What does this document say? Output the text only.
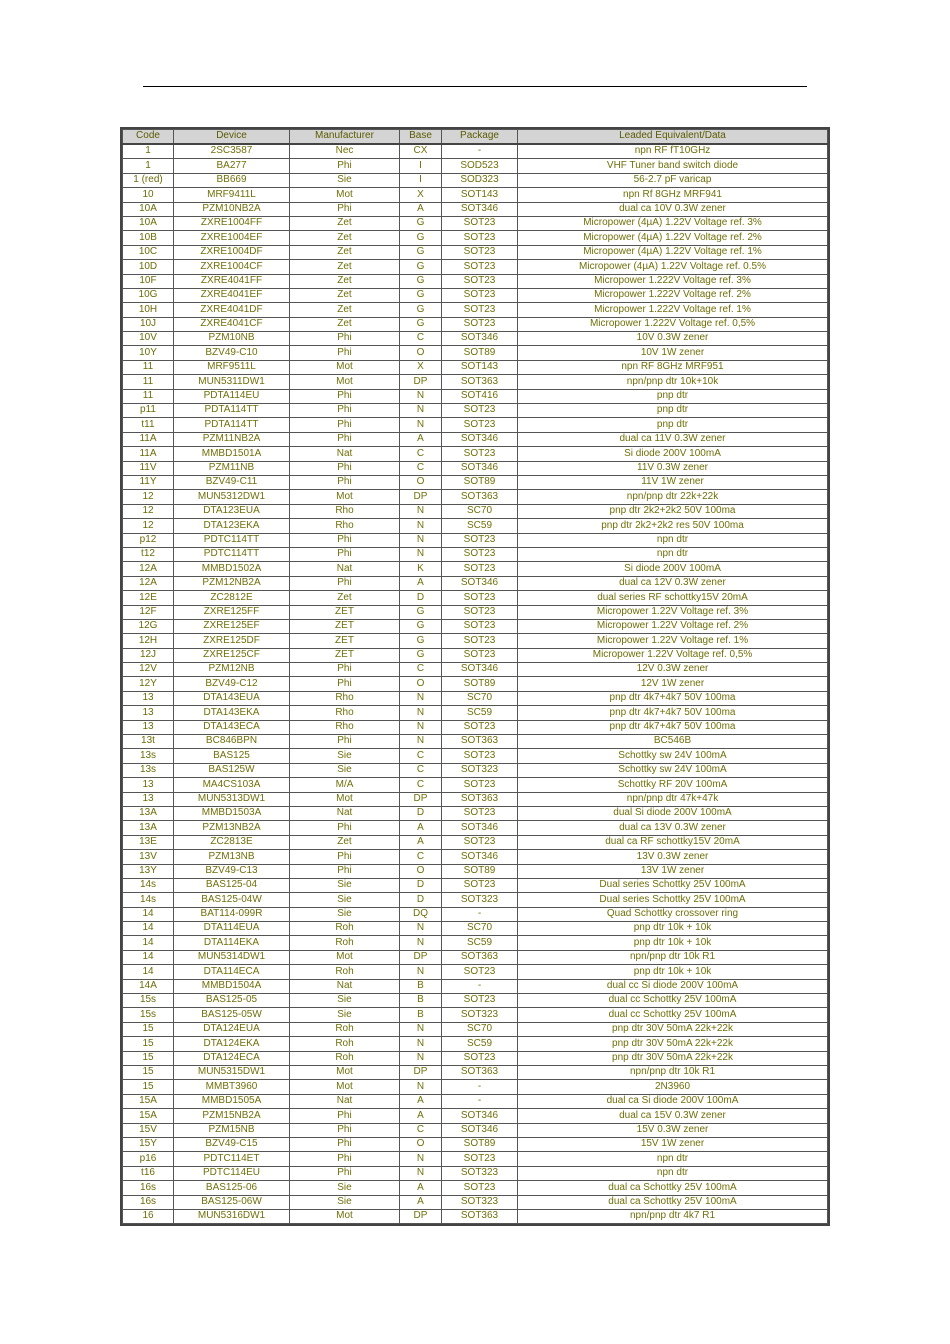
Code	Device	Manufacturer	Base	Package	Leaded Equivalent/Data
1	2SC3587	Nec	CX	-	npn RF fT10GHz
1	BA277	Phi	I	SOD523	VHF Tuner band switch diode
1 (red)	BB669	Sie	I	SOD323	56-2.7 pF varicap
10	MRF9411L	Mot	X	SOT143	npn Rf 8GHz MRF941
10A	PZM10NB2A	Phi	A	SOT346	dual ca 10V 0.3W zener
10A	ZXRE1004FF	Zet	G	SOT23	Micropower (4µA) 1.22V Voltage ref. 3%
10B	ZXRE1004EF	Zet	G	SOT23	Micropower (4µA) 1.22V Voltage ref. 2%
10C	ZXRE1004DF	Zet	G	SOT23	Micropower (4µA) 1.22V Voltage ref. 1%
10D	ZXRE1004CF	Zet	G	SOT23	Micropower (4µA) 1.22V Voltage ref. 0.5%
10F	ZXRE4041FF	Zet	G	SOT23	Micropower 1.222V Voltage ref. 3%
10G	ZXRE4041EF	Zet	G	SOT23	Micropower 1.222V Voltage ref. 2%
10H	ZXRE4041DF	Zet	G	SOT23	Micropower 1.222V Voltage ref. 1%
10J	ZXRE4041CF	Zet	G	SOT23	Micropower 1.222V Voltage ref. 0,5%
10V	PZM10NB	Phi	C	SOT346	10V 0.3W zener
10Y	BZV49-C10	Phi	O	SOT89	10V 1W zener
11	MRF9511L	Mot	X	SOT143	npn RF 8GHz MRF951
11	MUN5311DW1	Mot	DP	SOT363	npn/pnp dtr 10k+10k
11	PDTA114EU	Phi	N	SOT416	pnp dtr
p11	PDTA114TT	Phi	N	SOT23	pnp dtr
t11	PDTA114TT	Phi	N	SOT23	pnp dtr
11A	PZM11NB2A	Phi	A	SOT346	dual ca 11V 0.3W zener
11A	MMBD1501A	Nat	C	SOT23	Si diode 200V 100mA
11V	PZM11NB	Phi	C	SOT346	11V 0.3W zener
11Y	BZV49-C11	Phi	O	SOT89	11V 1W zener
12	MUN5312DW1	Mot	DP	SOT363	npn/pnp dtr 22k+22k
12	DTA123EUA	Rho	N	SC70	pnp dtr 2k2+2k2 50V 100ma
12	DTA123EKA	Rho	N	SC59	pnp dtr 2k2+2k2 res 50V 100ma
p12	PDTC114TT	Phi	N	SOT23	npn dtr
t12	PDTC114TT	Phi	N	SOT23	npn dtr
12A	MMBD1502A	Nat	K	SOT23	Si diode 200V 100mA
12A	PZM12NB2A	Phi	A	SOT346	dual ca 12V 0.3W zener
12E	ZC2812E	Zet	D	SOT23	dual series RF schottky15V 20mA
12F	ZXRE125FF	ZET	G	SOT23	Micropower 1.22V Voltage ref. 3%
12G	ZXRE125EF	ZET	G	SOT23	Micropower 1.22V Voltage ref. 2%
12H	ZXRE125DF	ZET	G	SOT23	Micropower 1.22V Voltage ref. 1%
12J	ZXRE125CF	ZET	G	SOT23	Micropower 1.22V Voltage ref. 0,5%
12V	PZM12NB	Phi	C	SOT346	12V 0.3W zener
12Y	BZV49-C12	Phi	O	SOT89	12V 1W zener
13	DTA143EUA	Rho	N	SC70	pnp dtr 4k7+4k7 50V 100ma
13	DTA143EKA	Rho	N	SC59	pnp dtr 4k7+4k7 50V 100ma
13	DTA143ECA	Rho	N	SOT23	pnp dtr 4k7+4k7 50V 100ma
13t	BC846BPN	Phi	N	SOT363	BC546B
13s	BAS125	Sie	C	SOT23	Schottky sw 24V 100mA
13s	BAS125W	Sie	C	SOT323	Schottky sw 24V 100mA
13	MA4CS103A	M/A	C	SOT23	Schottky RF 20V 100mA
13	MUN5313DW1	Mot	DP	SOT363	npn/pnp dtr 47k+47k
13A	MMBD1503A	Nat	D	SOT23	dual Si diode 200V 100mA
13A	PZM13NB2A	Phi	A	SOT346	dual ca 13V 0.3W zener
13E	ZC2813E	Zet	A	SOT23	dual ca RF schottky15V 20mA
13V	PZM13NB	Phi	C	SOT346	13V 0.3W zener
13Y	BZV49-C13	Phi	O	SOT89	13V 1W zener
14s	BAS125-04	Sie	D	SOT23	Dual series Schottky 25V 100mA
14s	BAS125-04W	Sie	D	SOT323	Dual series Schottky 25V 100mA
14	BAT114-099R	Sie	DQ	-	Quad Schottky crossover ring
14	DTA114EUA	Roh	N	SC70	pnp dtr 10k + 10k
14	DTA114EKA	Roh	N	SC59	pnp dtr 10k + 10k
14	MUN5314DW1	Mot	DP	SOT363	npn/pnp dtr 10k R1
14	DTA114ECA	Roh	N	SOT23	pnp dtr 10k + 10k
14A	MMBD1504A	Nat	B	-	dual cc Si diode 200V 100mA
15s	BAS125-05	Sie	B	SOT23	dual cc Schottky 25V 100mA
15s	BAS125-05W	Sie	B	SOT323	dual cc Schottky 25V 100mA
15	DTA124EUA	Roh	N	SC70	pnp dtr 30V 50mA 22k+22k
15	DTA124EKA	Roh	N	SC59	pnp dtr 30V 50mA 22k+22k
15	DTA124ECA	Roh	N	SOT23	pnp dtr 30V 50mA 22k+22k
15	MUN5315DW1	Mot	DP	SOT363	npn/pnp dtr 10k R1
15	MMBT3960	Mot	N	-	2N3960
15A	MMBD1505A	Nat	A	-	dual ca Si diode 200V 100mA
15A	PZM15NB2A	Phi	A	SOT346	dual ca 15V 0.3W zener
15V	PZM15NB	Phi	C	SOT346	15V 0.3W zener
15Y	BZV49-C15	Phi	O	SOT89	15V 1W zener
p16	PDTC114ET	Phi	N	SOT23	npn dtr
t16	PDTC114EU	Phi	N	SOT323	npn dtr
16s	BAS125-06	Sie	A	SOT23	dual ca Schottky 25V 100mA
16s	BAS125-06W	Sie	A	SOT323	dual ca Schottky 25V 100mA
16	MUN5316DW1	Mot	DP	SOT363	npn/pnp dtr 4k7 R1
